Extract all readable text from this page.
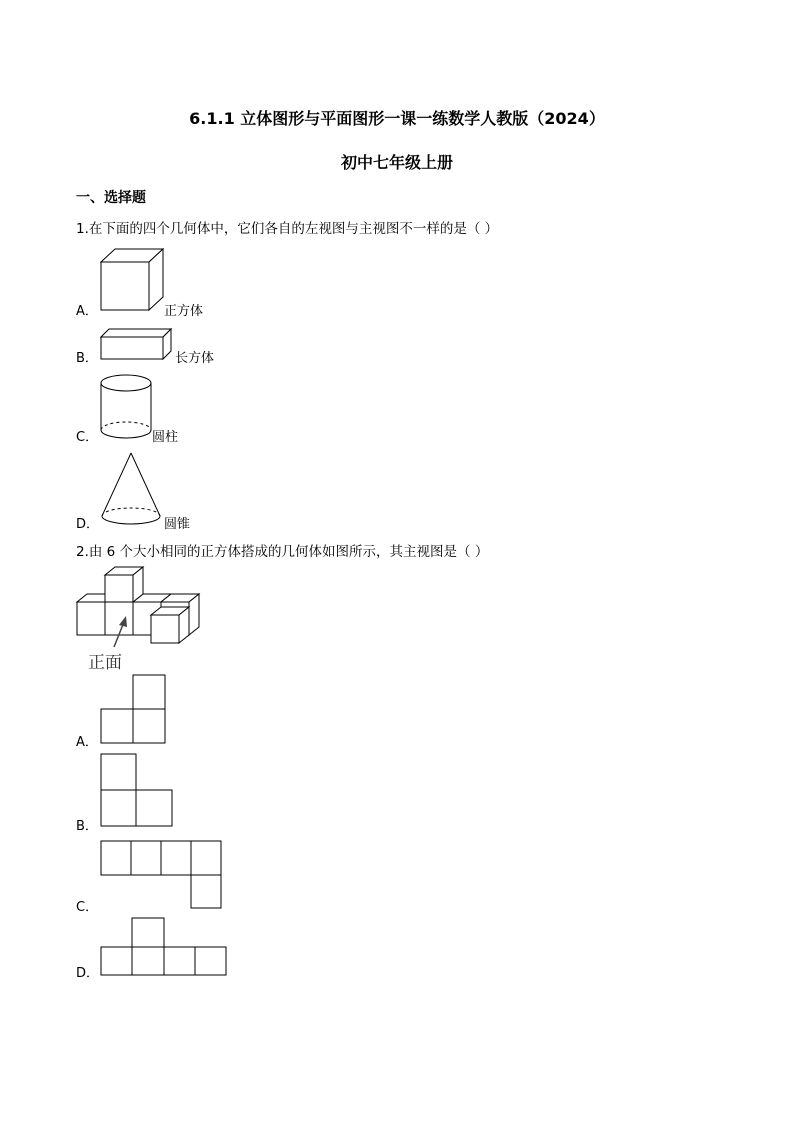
6.1.1 立体图形与平面图形一课一练数学人教版（2024）
初中七年级上册
一、选择题
1.在下面的四个几何体中，它们各自的左视图与主视图不一样的是（ ）
A．	正方体
B．	长方体
C．	圆柱
D．	圆锥
2.由 6 个大小相同的正方体搭成的几何体如图所示，其主视图是（ ）
正面
A．
B．
C．
D．
